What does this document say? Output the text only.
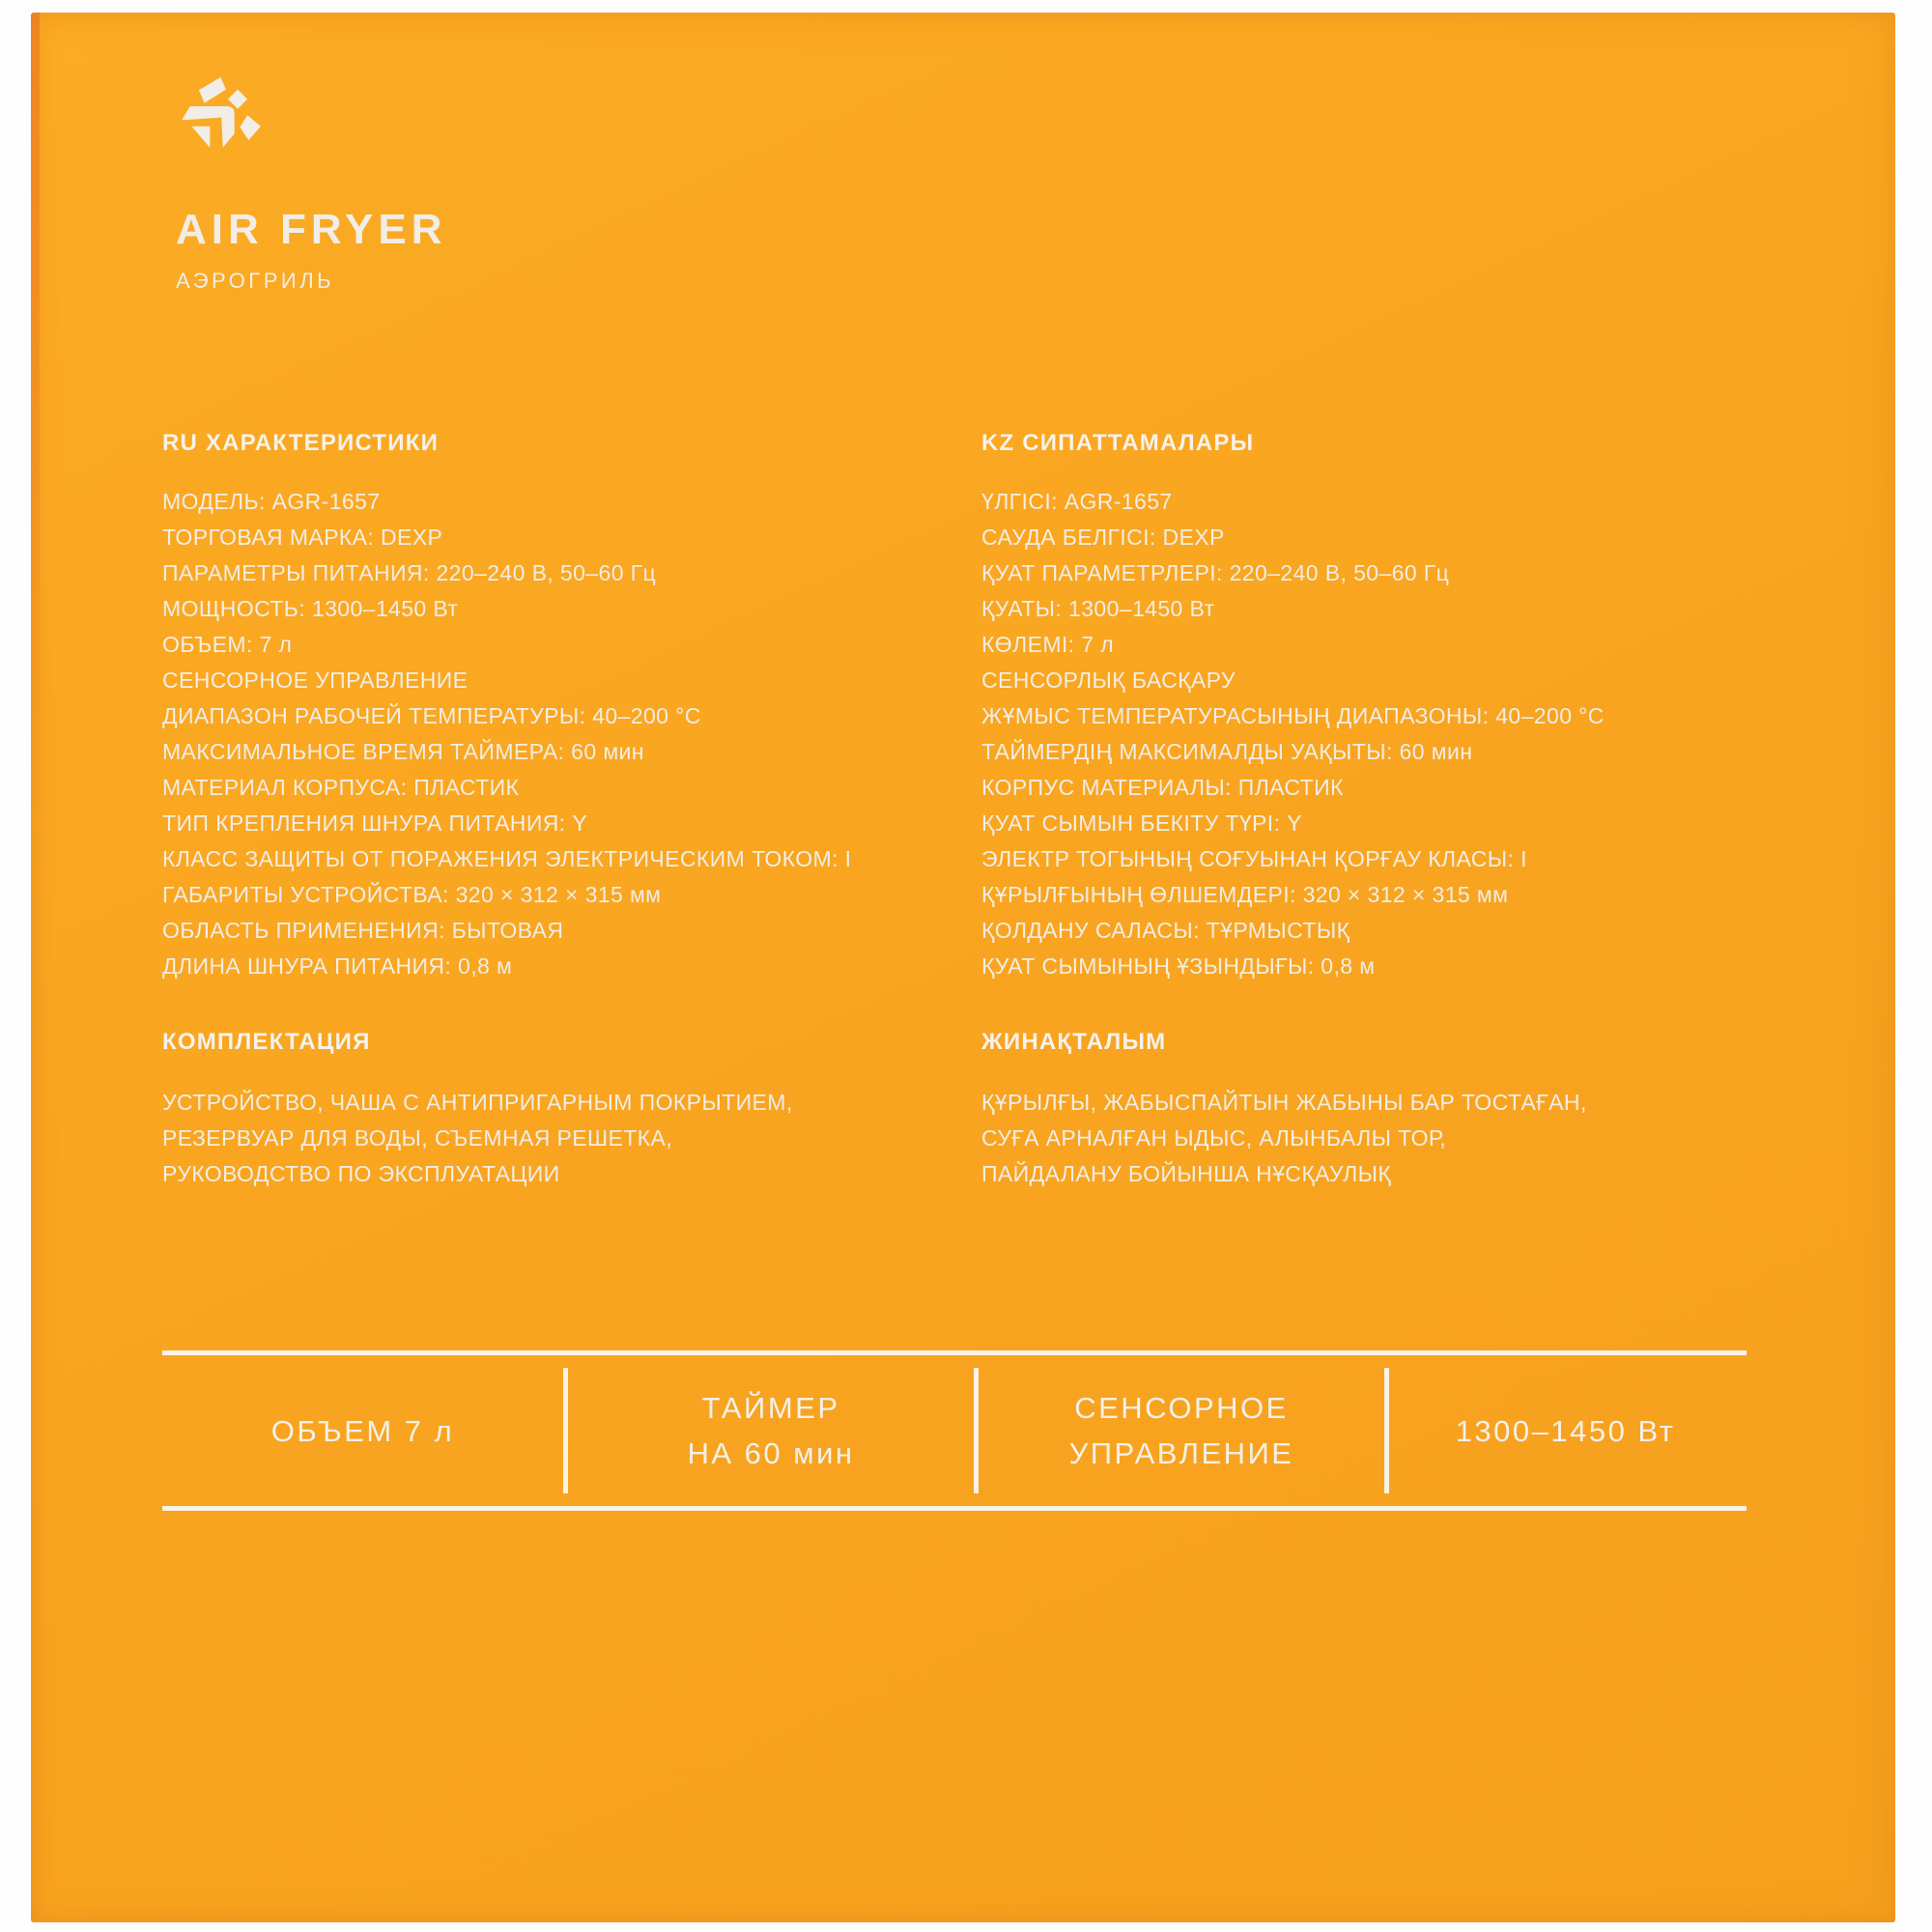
AIR FRYER
АЭРОГРИЛЬ
RU ХАРАКТЕРИСТИКИ
МОДЕЛЬ: AGR-1657
ТОРГОВАЯ МАРКА: DEXP
ПАРАМЕТРЫ ПИТАНИЯ: 220–240 В, 50–60 Гц
МОЩНОСТЬ: 1300–1450 Вт
ОБЪЕМ: 7 л
СЕНСОРНОЕ УПРАВЛЕНИЕ
ДИАПАЗОН РАБОЧЕЙ ТЕМПЕРАТУРЫ: 40–200 °C
МАКСИМАЛЬНОЕ ВРЕМЯ ТАЙМЕРА: 60 мин
МАТЕРИАЛ КОРПУСА: ПЛАСТИК
ТИП КРЕПЛЕНИЯ ШНУРА ПИТАНИЯ: Y
КЛАСС ЗАЩИТЫ ОТ ПОРАЖЕНИЯ ЭЛЕКТРИЧЕСКИМ ТОКОМ: I
ГАБАРИТЫ УСТРОЙСТВА: 320 × 312 × 315 мм
ОБЛАСТЬ ПРИМЕНЕНИЯ: БЫТОВАЯ
ДЛИНА ШНУРА ПИТАНИЯ: 0,8 м
KZ СИПАТТАМАЛАРЫ
ҮЛГІСІ: AGR-1657
САУДА БЕЛГІСІ: DEXP
ҚУАТ ПАРАМЕТРЛЕРІ: 220–240 В, 50–60 Гц
ҚУАТЫ: 1300–1450 Вт
КӨЛЕМІ: 7 л
СЕНСОРЛЫҚ БАСҚАРУ
ЖҰМЫС ТЕМПЕРАТУРАСЫНЫҢ ДИАПАЗОНЫ: 40–200 °C
ТАЙМЕРДІҢ МАКСИМАЛДЫ УАҚЫТЫ: 60 мин
КОРПУС МАТЕРИАЛЫ: ПЛАСТИК
ҚУАТ СЫМЫН БЕКІТУ ТҮРІ: Y
ЭЛЕКТР ТОГЫНЫҢ СОҒУЫНАН ҚОРҒАУ КЛАСЫ: I
ҚҰРЫЛҒЫНЫҢ ӨЛШЕМДЕРІ: 320 × 312 × 315 мм
ҚОЛДАНУ САЛАСЫ: ТҰРМЫСТЫҚ
ҚУАТ СЫМЫНЫҢ ҰЗЫНДЫҒЫ: 0,8 м
КОМПЛЕКТАЦИЯ
УСТРОЙСТВО, ЧАША С АНТИПРИГАРНЫМ ПОКРЫТИЕМ,
РЕЗЕРВУАР ДЛЯ ВОДЫ, СЪЕМНАЯ РЕШЕТКА,
РУКОВОДСТВО ПО ЭКСПЛУАТАЦИИ
ЖИНАҚТАЛЫМ
ҚҰРЫЛҒЫ, ЖАБЫСПАЙТЫН ЖАБЫНЫ БАР ТОСТАҒАН,
СУҒА АРНАЛҒАН ЫДЫС, АЛЫНБАЛЫ ТОР,
ПАЙДАЛАНУ БОЙЫНША НҰСҚАУЛЫҚ
ОБЪЕМ 7 л
ТАЙМЕР
НА 60 мин
СЕНСОРНОЕ
УПРАВЛЕНИЕ
1300–1450 Вт
